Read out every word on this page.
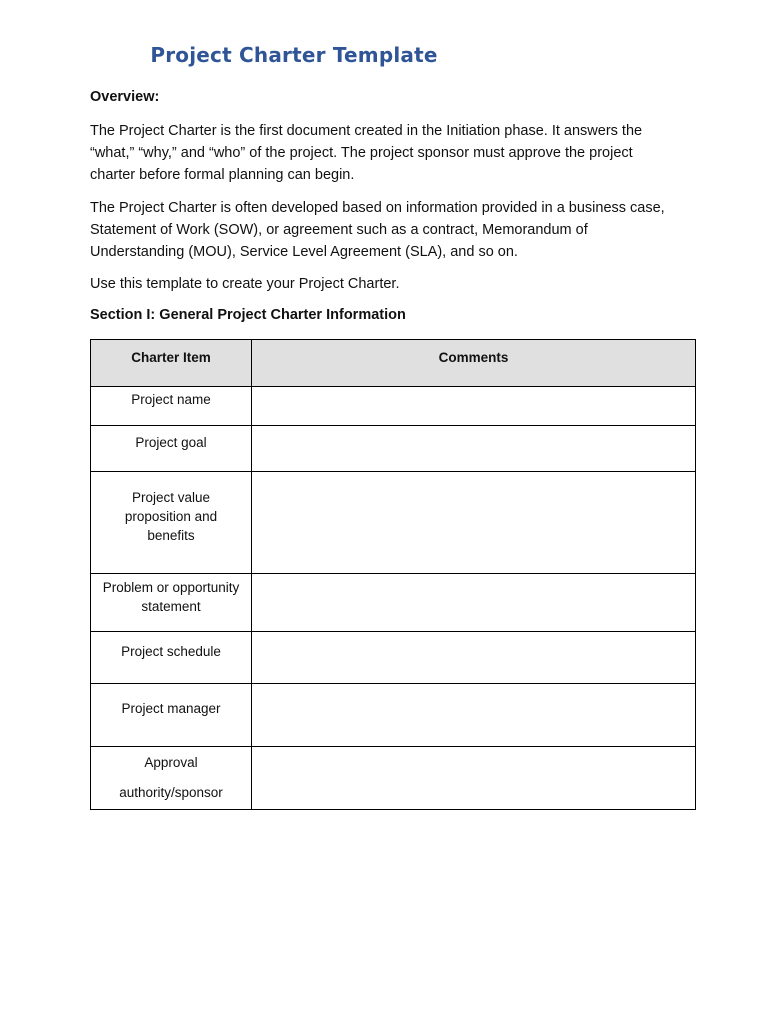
Project Charter Template

Overview:

The Project Charter is the first document created in the Initiation phase. It answers the “what,” “why,” and “who” of the project. The project sponsor must approve the project charter before formal planning can begin.

The Project Charter is often developed based on information provided in a business case, Statement of Work (SOW), or agreement such as a contract, Memorandum of Understanding (MOU), Service Level Agreement (SLA), and so on.

Use this template to create your Project Charter.

Section I: General Project Charter Information

Charter Item	Comments
Project name	
Project goal	
Project value proposition and benefits	
Problem or opportunity statement	
Project schedule	
Project manager	
Approval authority/sponsor	
